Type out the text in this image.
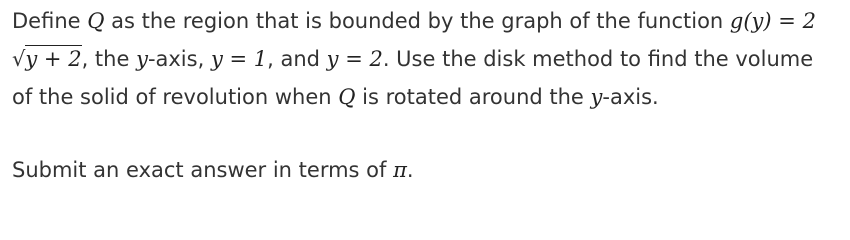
Define Q as the region that is bounded by the graph of the function g(y) = 2√y + 2, the y-axis, y = 1, and y = 2. Use the disk method to find the volume of the solid of revolution when Q is rotated around the y-axis.

Submit an exact answer in terms of π.
